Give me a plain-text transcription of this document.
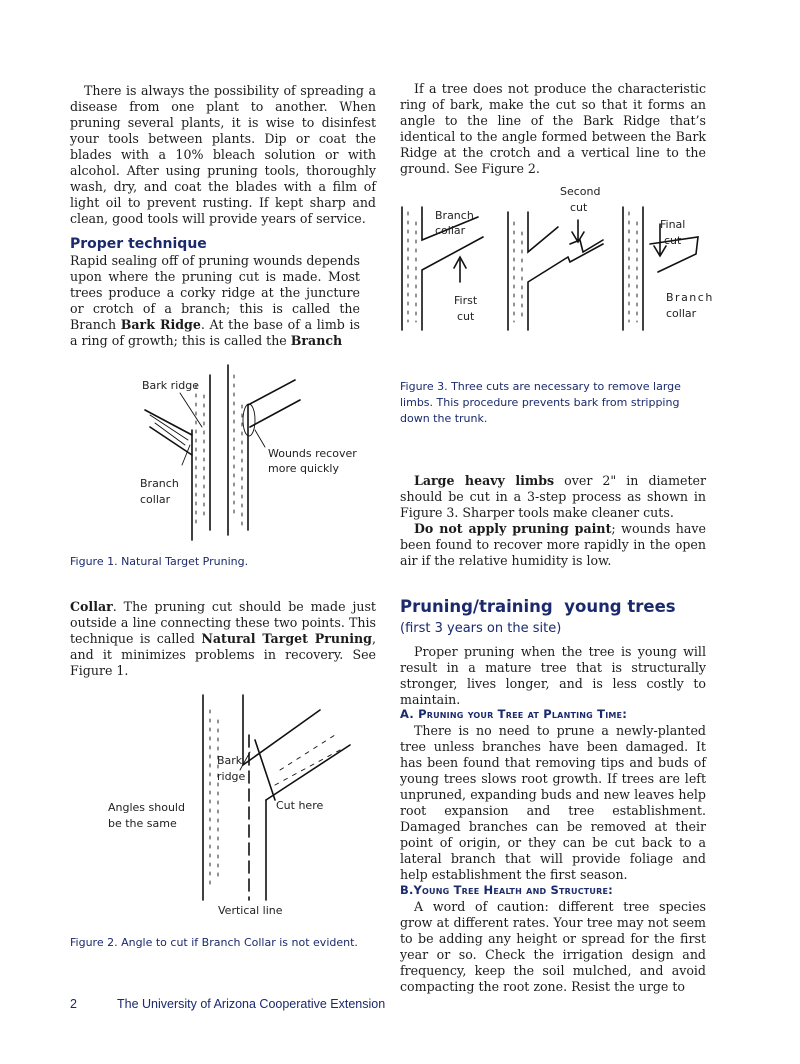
There is always the possibility of spreading a disease from one plant to another. When pruning several plants, it is wise to disinfest your tools between plants. Dip or coat the blades with a 10% bleach solution or with alcohol. After using pruning tools, thoroughly wash, dry, and coat the blades with a film of light oil to prevent rusting. If kept sharp and clean, good tools will provide years of service.

Proper technique

Rapid sealing off of pruning wounds depends upon where the pruning cut is made. Most trees produce a corky ridge at the juncture or crotch of a branch; this is called the Branch Bark Ridge. At the base of a limb is a ring of growth; this is called the Branch

Bark ridge
Branch
collar
Wounds recover
more quickly
Figure 1. Natural Target Pruning.

Collar. The pruning cut should be made just outside a line connecting these two points. This technique is called Natural Target Pruning, and it minimizes problems in recovery. See Figure 1.

Bark
ridge
Angles should
be the same
Cut here
Vertical line
Figure 2. Angle to cut if Branch Collar is not evident.

If a tree does not produce the characteristic ring of bark, make the cut so that it forms an angle to the line of the Bark Ridge that’s identical to the angle formed between the Bark Ridge at the crotch and a vertical line to the ground. See Figure 2.

Branch
collar
First
cut
Second
cut
Final
cut
Branch
collar
Figure 3. Three cuts are necessary to remove large limbs. This procedure prevents bark from stripping down the trunk.

Large heavy limbs over 2" in diameter should be cut in a 3-step process as shown in Figure 3. Sharper tools make cleaner cuts.

Do not apply pruning paint; wounds have been found to recover more rapidly in the open air if the relative humidity is low.

Pruning/training  young trees
(first 3 years on the site)

Proper pruning when the tree is young will result in a mature tree that is structurally stronger, lives longer, and is less costly to maintain.

A. Pruning your Tree at Planting Time:

There is no need to prune a newly-planted tree unless branches have been damaged. It has been found that removing tips and buds of young trees slows root growth. If trees are left unpruned, expanding buds and new leaves help root expansion and tree establishment. Damaged branches can be removed at their point of origin, or they can be cut back to a lateral branch that will provide foliage and help establishment the first season.

B.Young Tree Health and Structure:

A word of caution: different tree species grow at different rates. Your tree may not seem to be adding any height or spread for the first year or so. Check the irrigation design and frequency, keep the soil mulched, and avoid compacting the root zone. Resist the urge to

2	The University of Arizona Cooperative Extension
